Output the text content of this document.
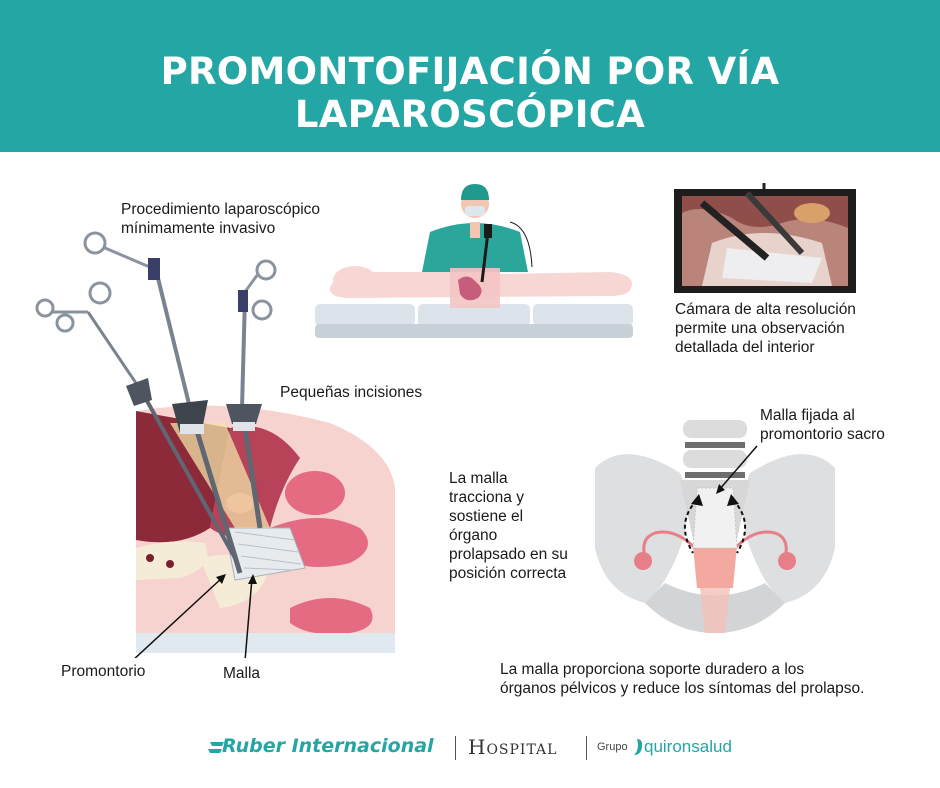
PROMONTOFIJACIÓN POR VÍA LAPAROSCÓPICA
Procedimiento laparoscópico
mínimamente invasivo
Pequeñas incisiones
Cámara de alta resolución
permite una observación
detallada del interior
Malla fijada al
promontorio sacro
La malla
tracciona y
sostiene el
órgano
prolapsado en su
posición correcta
Promontorio	Malla	La malla proporciona soporte duradero a los
órganos pélvicos y reduce los síntomas del prolapso.
Ruber Internacional Hospital	Grupo quironsalud
